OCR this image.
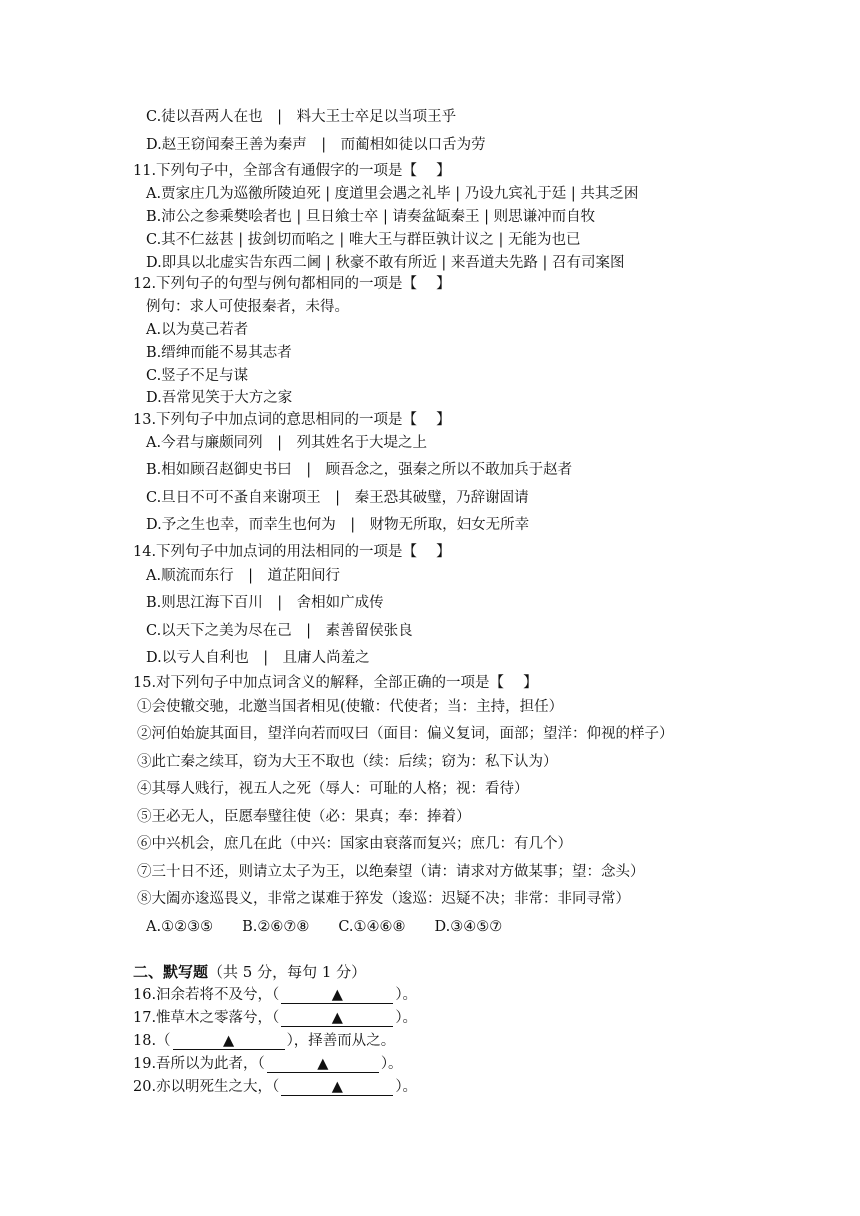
C.徒以吾两人在也　|　料大王士卒足以当项王乎
D.赵王窃闻秦王善为秦声　|　而蔺相如徒以口舌为劳
11.下列句子中，全部含有通假字的一项是【　 】
A.贾家庄几为巡徼所陵迫死 | 度道里会遇之礼毕 | 乃设九宾礼于廷 | 共其乏困
B.沛公之参乘樊哙者也 | 旦日飨士卒 | 请奏盆缻秦王 | 则思谦冲而自牧
C.其不仁兹甚 | 拔剑切而啗之 | 唯大王与群臣孰计议之 | 无能为也已
D.即具以北虚实告东西二阃 | 秋豪不敢有所近 | 来吾道夫先路 | 召有司案图
12.下列句子的句型与例句都相同的一项是【　 】
例句：求人可使报秦者，未得。
A.以为莫己若者
B.缙绅而能不易其志者
C.竖子不足与谋
D.吾常见笑于大方之家
13.下列句子中加点词的意思相同的一项是【　 】
A.今君与廉颇同列　|　列其姓名于大堤之上
B.相如顾召赵御史书曰　|　顾吾念之，强秦之所以不敢加兵于赵者
C.旦日不可不蚤自来谢项王　|　秦王恐其破璧，乃辞谢固请
D.予之生也幸，而幸生也何为　|　财物无所取，妇女无所幸
14.下列句子中加点词的用法相同的一项是【　 】
A.顺流而东行　|　道芷阳间行
B.则思江海下百川　|　舍相如广成传
C.以天下之美为尽在己　|　素善留侯张良
D.以亏人自利也　|　且庸人尚羞之
15.对下列句子中加点词含义的解释，全部正确的一项是【　 】
①会使辙交驰，北邀当国者相见(使辙：代使者；当：主持，担任）
②河伯始旋其面目，望洋向若而叹曰（面目：偏义复词，面部；望洋：仰视的样子）
③此亡秦之续耳，窃为大王不取也（续：后续；窃为：私下认为）
④其辱人贱行，视五人之死（辱人：可耻的人格；视：看待）
⑤王必无人，臣愿奉璧往使（必：果真；奉：捧着）
⑥中兴机会，庶几在此（中兴：国家由衰落而复兴；庶几：有几个）
⑦三十日不还，则请立太子为王，以绝秦望（请：请求对方做某事；望：念头）
⑧大阖亦逡巡畏义，非常之谋难于猝发（逡巡：迟疑不决；非常：非同寻常）
A.①②③⑤　　B.②⑥⑦⑧　　C.①④⑥⑧　　D.③④⑤⑦
二、默写题（共 5 分，每句 1 分）
16.汩余若将不及兮，（	▲	）。
17.惟草木之零落兮，（	▲	）。
18.（	▲	），择善而从之。
19.吾所以为此者，（	▲	）。
20.亦以明死生之大，（	▲	）。
